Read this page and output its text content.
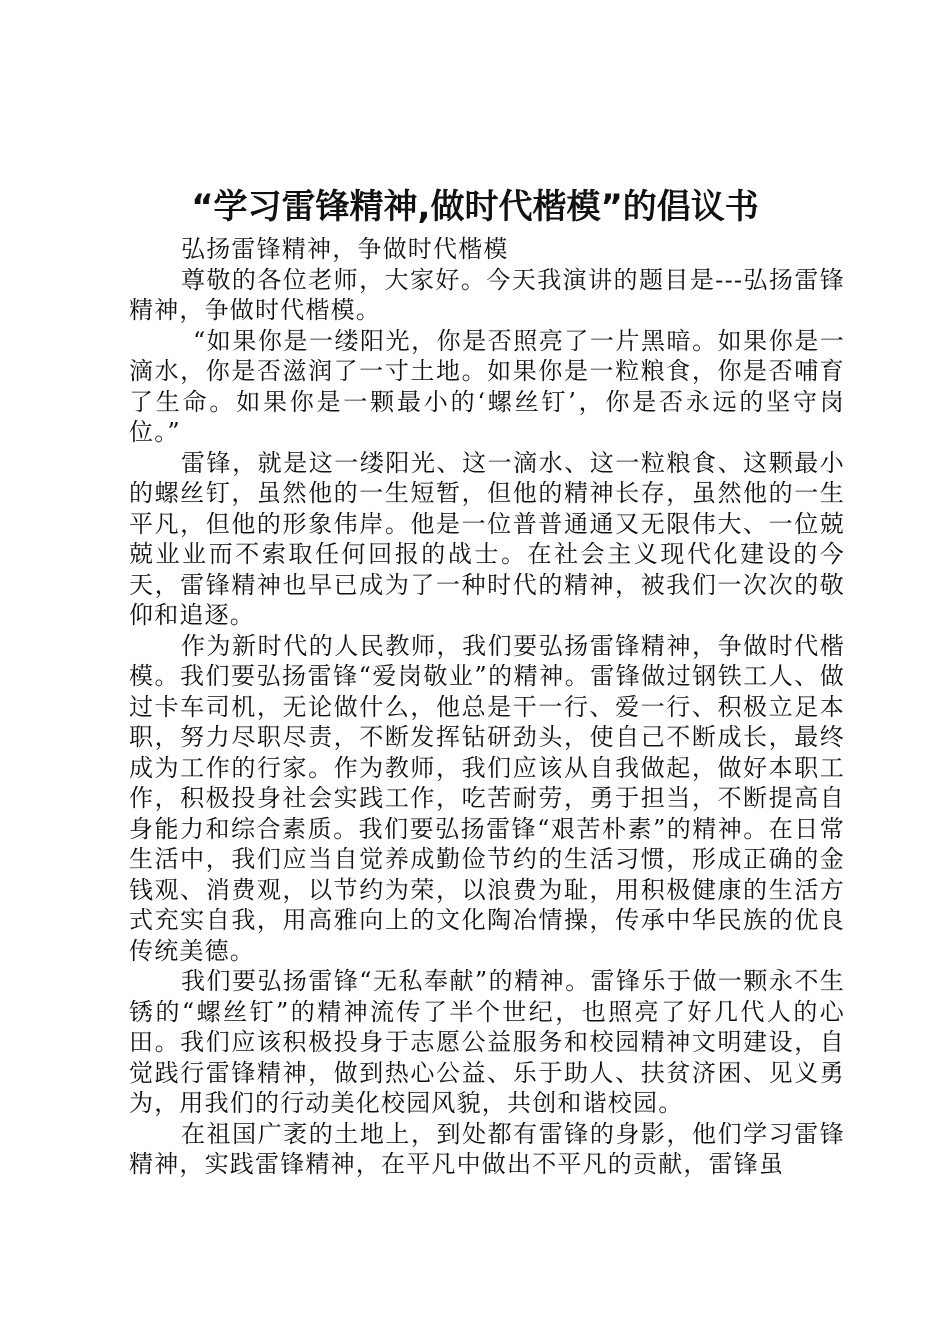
“学习雷锋精神,做时代楷模”的倡议书

弘扬雷锋精神，争做时代楷模

尊敬的各位老师，大家好。今天我演讲的题目是---弘扬雷锋精神，争做时代楷模。

“如果你是一缕阳光，你是否照亮了一片黑暗。如果你是一滴水，你是否滋润了一寸土地。如果你是一粒粮食，你是否哺育了生命。如果你是一颗最小的‘螺丝钉’，你是否永远的坚守岗位。”

雷锋，就是这一缕阳光、这一滴水、这一粒粮食、这颗最小的螺丝钉，虽然他的一生短暂，但他的精神长存，虽然他的一生平凡，但他的形象伟岸。他是一位普普通通又无限伟大、一位兢兢业业而不索取任何回报的战士。在社会主义现代化建设的今天，雷锋精神也早已成为了一种时代的精神，被我们一次次的敬仰和追逐。

作为新时代的人民教师，我们要弘扬雷锋精神，争做时代楷模。我们要弘扬雷锋“爱岗敬业”的精神。雷锋做过钢铁工人、做过卡车司机，无论做什么，他总是干一行、爱一行、积极立足本职，努力尽职尽责，不断发挥钻研劲头，使自己不断成长，最终成为工作的行家。作为教师，我们应该从自我做起，做好本职工作，积极投身社会实践工作，吃苦耐劳，勇于担当，不断提高自身能力和综合素质。我们要弘扬雷锋“艰苦朴素”的精神。在日常生活中，我们应当自觉养成勤俭节约的生活习惯，形成正确的金钱观、消费观，以节约为荣，以浪费为耻，用积极健康的生活方式充实自我，用高雅向上的文化陶冶情操，传承中华民族的优良传统美德。

我们要弘扬雷锋“无私奉献”的精神。雷锋乐于做一颗永不生锈的“螺丝钉”的精神流传了半个世纪，也照亮了好几代人的心田。我们应该积极投身于志愿公益服务和校园精神文明建设，自觉践行雷锋精神，做到热心公益、乐于助人、扶贫济困、见义勇为，用我们的行动美化校园风貌，共创和谐校园。

在祖国广袤的土地上，到处都有雷锋的身影，他们学习雷锋精神，实践雷锋精神，在平凡中做出不平凡的贡献，雷锋虽
